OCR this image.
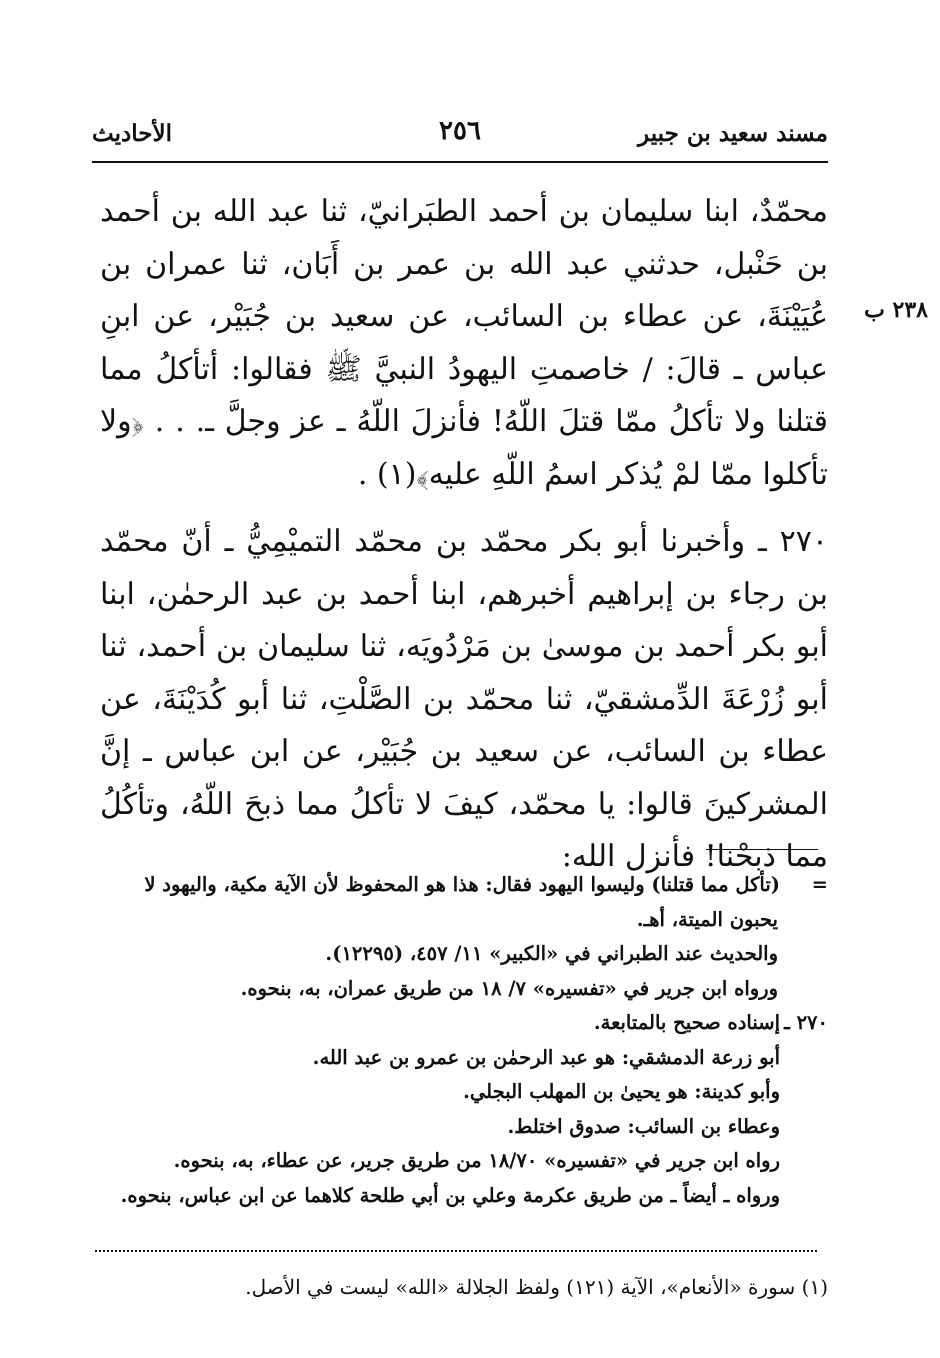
مسند سعيد بن جبير
٢٥٦
الأحاديث
٢٣٨ ب
محمّدٌ، ابنا سليمان بن أحمد الطبَرانيّ، ثنا عبد الله بن أحمد بن حَنْبل، حدثني عبد الله بن عمر بن أَبَان، ثنا عمران بن عُيَيْنَةَ، عن عطاء بن السائب، عن سعيد بن جُبَيْر، عن ابنِ عباس ـ قالَ: / خاصمتِ اليهودُ النبيَّ ﷺ فقالوا: أتأكلُ مما قتلنا ولا تأكلُ ممّا قتلَ اللّهُ! فأنزلَ اللّهُ ـ عز وجلَّ ـ. . . ﴿ولا تأكلوا ممّا لمْ يُذكر اسمُ اللّهِ عليه﴾(١) .
٢٧٠ ـ وأخبرنا أبو بكر محمّد بن محمّد التميْمِيُّ ـ أنّ محمّد بن رجاء بن إبراهيم أخبرهم، ابنا أحمد بن عبد الرحمٰن، ابنا أبو بكر أحمد بن موسىٰ بن مَرْدُويَه، ثنا سليمان بن أحمد، ثنا أبو زُرْعَةَ الدِّمشقيّ، ثنا محمّد بن الصَّلْتِ، ثنا أبو كُدَيْنَةَ، عن عطاء بن السائب، عن سعيد بن جُبَيْر، عن ابن عباس ـ إنَّ المشركينَ قالوا: يا محمّد، كيفَ لا تأكلُ مما ذبحَ اللّهُ، وتأكُلُ مما ذبحْنا! فأنزل الله:
=(تأكل مما قتلنا) وليسوا اليهود فقال: هذا هو المحفوظ لأن الآية مكية، واليهود لا
يحبون الميتة، أهـ.
والحديث عند الطبراني في «الكبير» ١١/ ٤٥٧، (١٢٢٩٥).
ورواه ابن جرير في «تفسيره» ٧/ ١٨ من طريق عمران، به، بنحوه.
٢٧٠ ـإسناده صحيح بالمتابعة.
أبو زرعة الدمشقي: هو عبد الرحمٰن بن عمرو بن عبد الله.
وأبو كدينة: هو يحيىٰ بن المهلب البجلي.
وعطاء بن السائب: صدوق اختلط.
رواه ابن جرير في «تفسيره» ١٨/٧٠ من طريق جرير، عن عطاء، به، بنحوه.
ورواه ـ أيضاً ـ من طريق عكرمة وعلي بن أبي طلحة كلاهما عن ابن عباس، بنحوه.
(١) سورة «الأنعام»، الآية (١٢١) ولفظ الجلالة «الله» ليست في الأصل.
